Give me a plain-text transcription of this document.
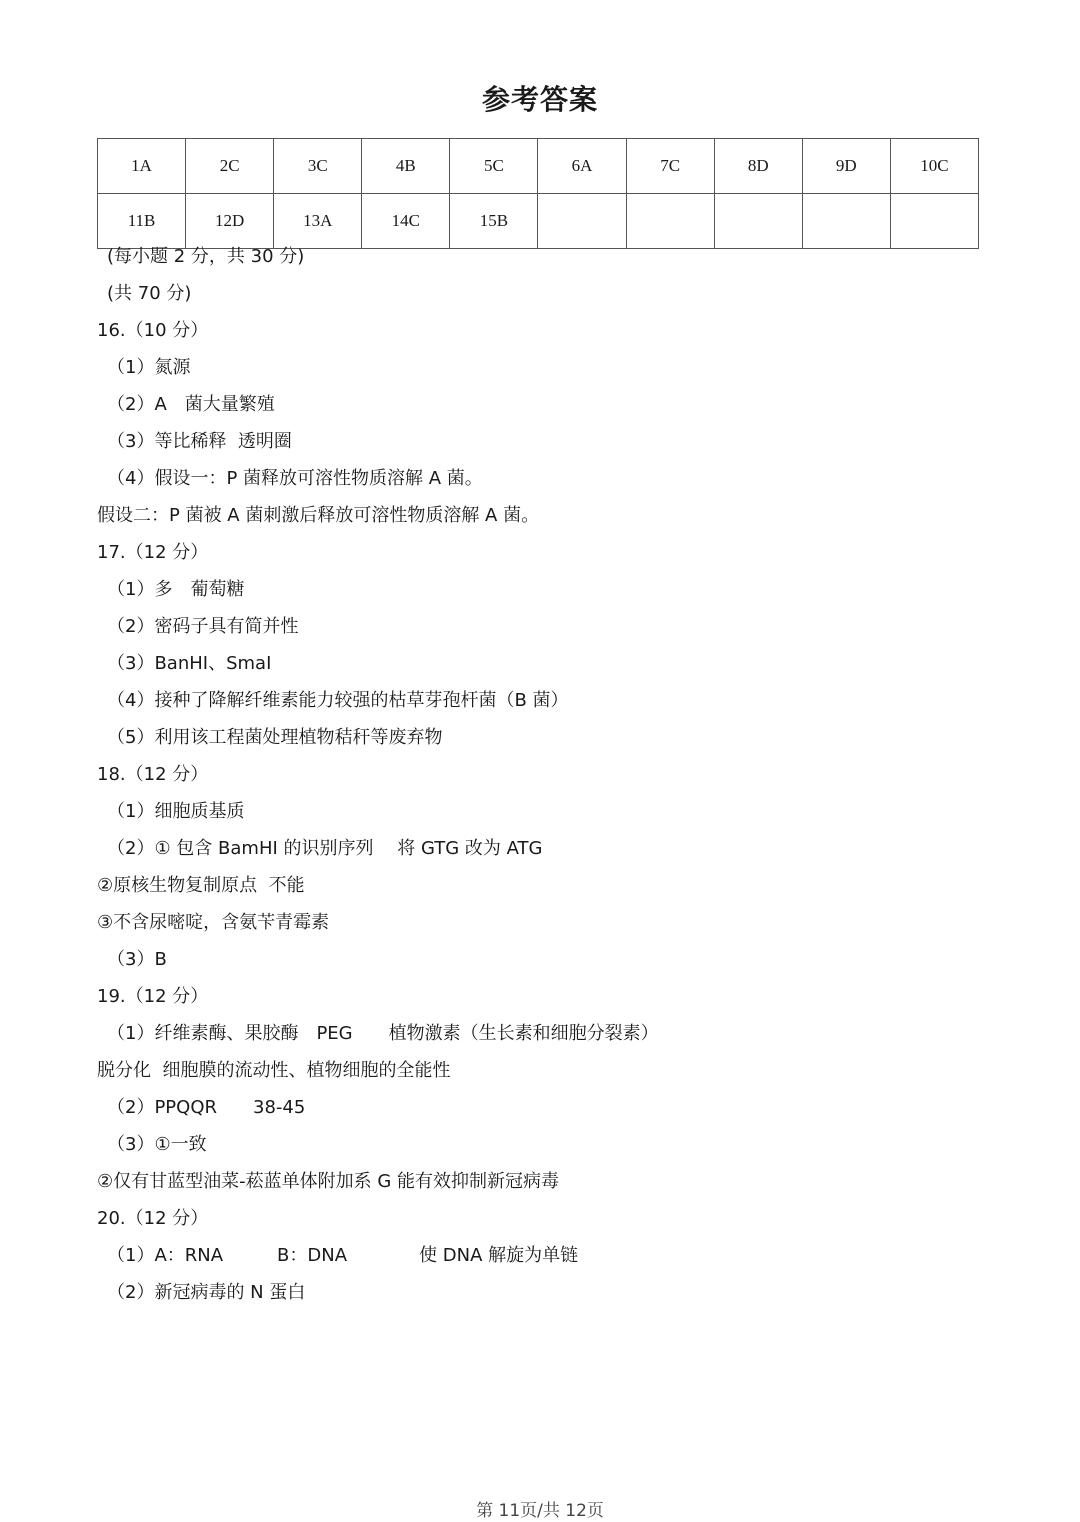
参考答案
1A	2C	3C	4B	5C	6A	7C	8D	9D	10C
11B	12D	13A	14C	15B					
(每小题 2 分，共 30 分)
(共 70 分)
16.（10 分）
（1）氮源
（2）A　菌大量繁殖
（3）等比稀释  透明圈
（4）假设一：P 菌释放可溶性物质溶解 A 菌。
假设二：P 菌被 A 菌刺激后释放可溶性物质溶解 A 菌。
17.（12 分）
（1）多　葡萄糖
（2）密码子具有简并性
（3）BanHI、SmaI
（4）接种了降解纤维素能力较强的枯草芽孢杆菌（B 菌）
（5）利用该工程菌处理植物秸秆等废弃物
18.（12 分）
（1）细胞质基质
（2）① 包含 BamHI 的识别序列　 将 GTG 改为 ATG
②原核生物复制原点  不能
③不含尿嘧啶，含氨苄青霉素
（3）B
19.（12 分）
（1）纤维素酶、果胶酶　PEG　　植物激素（生长素和细胞分裂素）
脱分化  细胞膜的流动性、植物细胞的全能性
（2）PPQQR　　38-45
（3）①一致
②仅有甘蓝型油菜-菘蓝单体附加系 G 能有效抑制新冠病毒
20.（12 分）
（1）A：RNA　　　B：DNA　　　　使 DNA 解旋为单链
（2）新冠病毒的 N 蛋白
第 11页/共 12页
